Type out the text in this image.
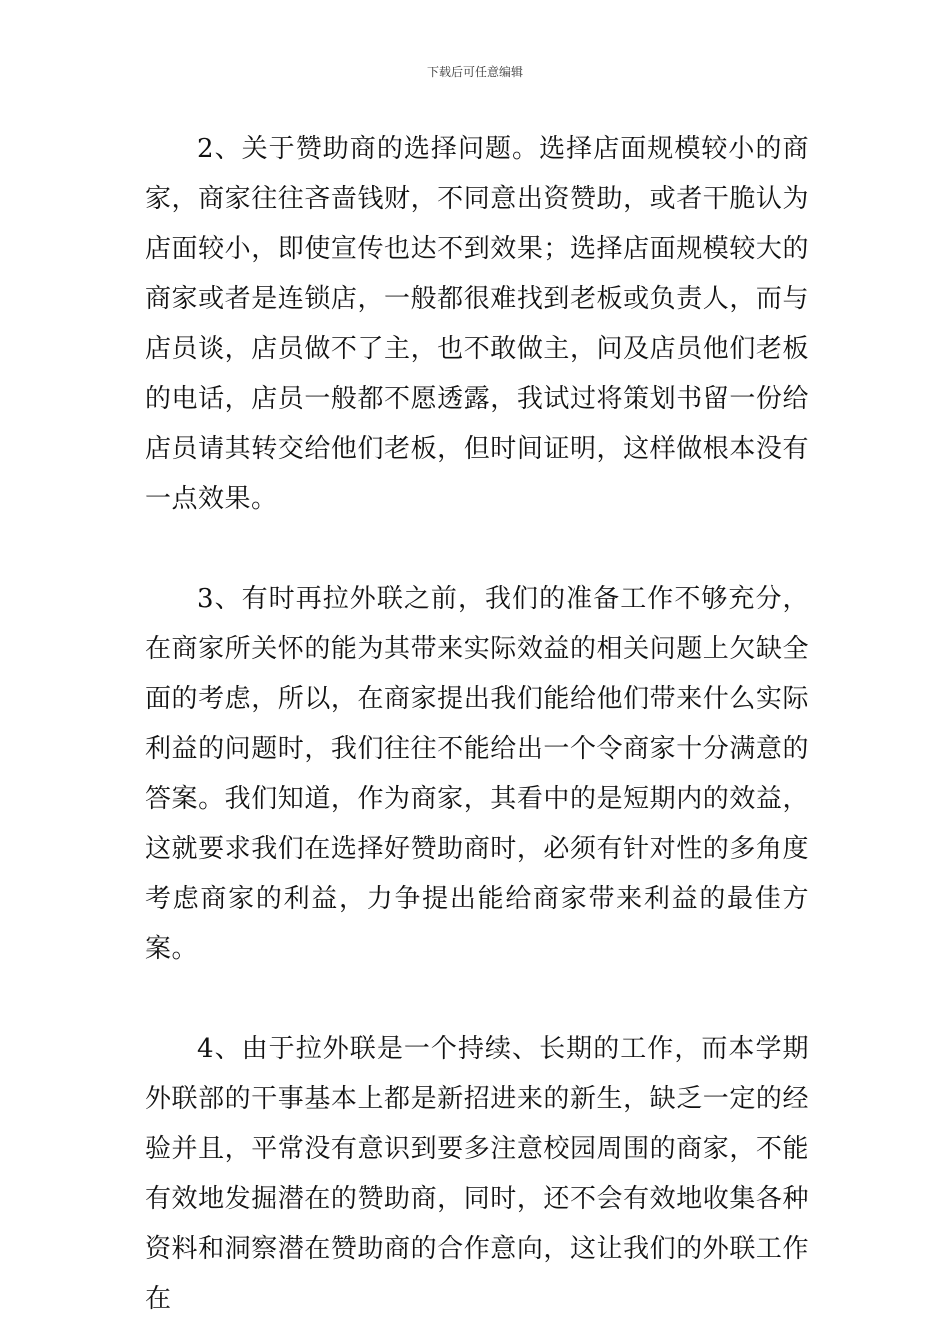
下载后可任意编辑

2、关于赞助商的选择问题。选择店面规模较小的商家，商家往往吝啬钱财，不同意出资赞助，或者干脆认为店面较小，即使宣传也达不到效果；选择店面规模较大的商家或者是连锁店，一般都很难找到老板或负责人，而与店员谈，店员做不了主，也不敢做主，问及店员他们老板的电话，店员一般都不愿透露，我试过将策划书留一份给店员请其转交给他们老板，但时间证明，这样做根本没有一点效果。

3、有时再拉外联之前，我们的准备工作不够充分，在商家所关怀的能为其带来实际效益的相关问题上欠缺全面的考虑，所以，在商家提出我们能给他们带来什么实际利益的问题时，我们往往不能给出一个令商家十分满意的答案。我们知道，作为商家，其看中的是短期内的效益，这就要求我们在选择好赞助商时，必须有针对性的多角度考虑商家的利益，力争提出能给商家带来利益的最佳方案。

4、由于拉外联是一个持续、长期的工作，而本学期外联部的干事基本上都是新招进来的新生，缺乏一定的经验并且，平常没有意识到要多注意校园周围的商家，不能有效地发掘潜在的赞助商，同时，还不会有效地收集各种资料和洞察潜在赞助商的合作意向，这让我们的外联工作在
